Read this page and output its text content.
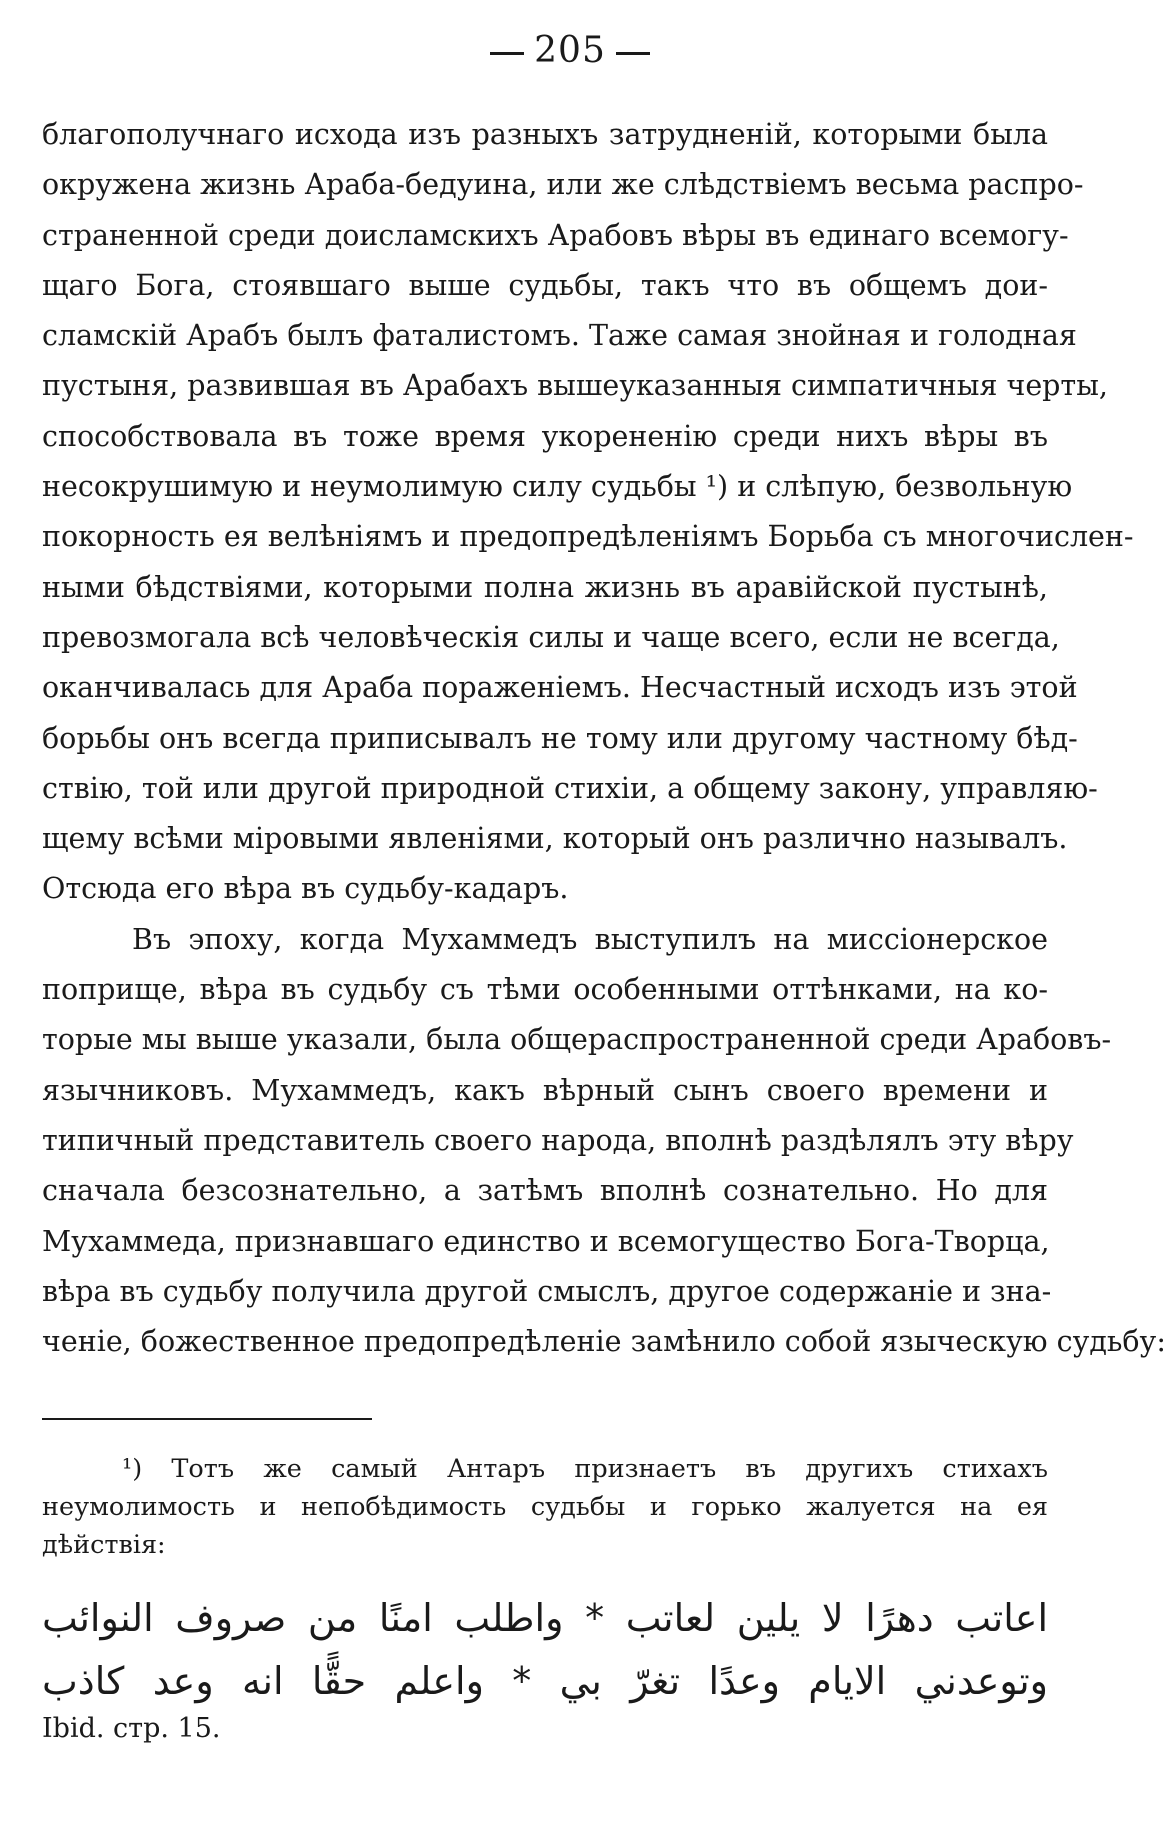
205
благополучнаго исхода изъ разныхъ затрудненій, которыми была
окружена жизнь Араба-бедуина, или же слѣдствіемъ весьма распро-
страненной среди доисламскихъ Арабовъ вѣры въ единаго всемогу-
щаго Бога, стоявшаго выше судьбы, такъ что въ общемъ дои-
сламскій Арабъ былъ фаталистомъ. Таже самая знойная и голодная
пустыня, развившая въ Арабахъ вышеуказанныя симпатичныя черты,
способствовала въ тоже время укорененію среди нихъ вѣры въ
несокрушимую и неумолимую силу судьбы ¹) и слѣпую, безвольную
покорность ея велѣніямъ и предопредѣленіямъ Борьба съ многочислен-
ными бѣдствіями, которыми полна жизнь въ аравійской пустынѣ,
превозмогала всѣ человѣческія силы и чаще всего, если не всегда,
оканчивалась для Араба пораженіемъ. Несчастный исходъ изъ этой
борьбы онъ всегда приписывалъ не тому или другому частному бѣд-
ствію, той или другой природной стихіи, а общему закону, управляю-
щему всѣми міровыми явленіями, который онъ различно называлъ.
Отсюда его вѣра въ судьбу-кадаръ.
Въ эпоху, когда Мухаммедъ выступилъ на миссіонерское
поприще, вѣра въ судьбу съ тѣми особенными оттѣнками, на ко-
торые мы выше указали, была общераспространенной среди Арабовъ-
язычниковъ. Мухаммедъ, какъ вѣрный сынъ своего времени и
типичный представитель своего народа, вполнѣ раздѣлялъ эту вѣру
сначала безсознательно, а затѣмъ вполнѣ сознательно. Но для
Мухаммеда, признавшаго единство и всемогущество Бога-Творца,
вѣра въ судьбу получила другой смыслъ, другое содержаніе и зна-
ченіе, божественное предопредѣленіе замѣнило собой языческую судьбу:
¹) Тотъ же самый Антаръ признаетъ въ другихъ стихахъ
неумолимость и непобѣдимость судьбы и горько жалуется на ея
дѣйствія:
اعاتب دهرًا لا يلين لعاتب * واطلب امنًا من صروف النوائب
وتوعدني الايام وعدًا تغرّ بي * واعلم حقًّا انه وعد كاذب
Ibid. стр. 15.
